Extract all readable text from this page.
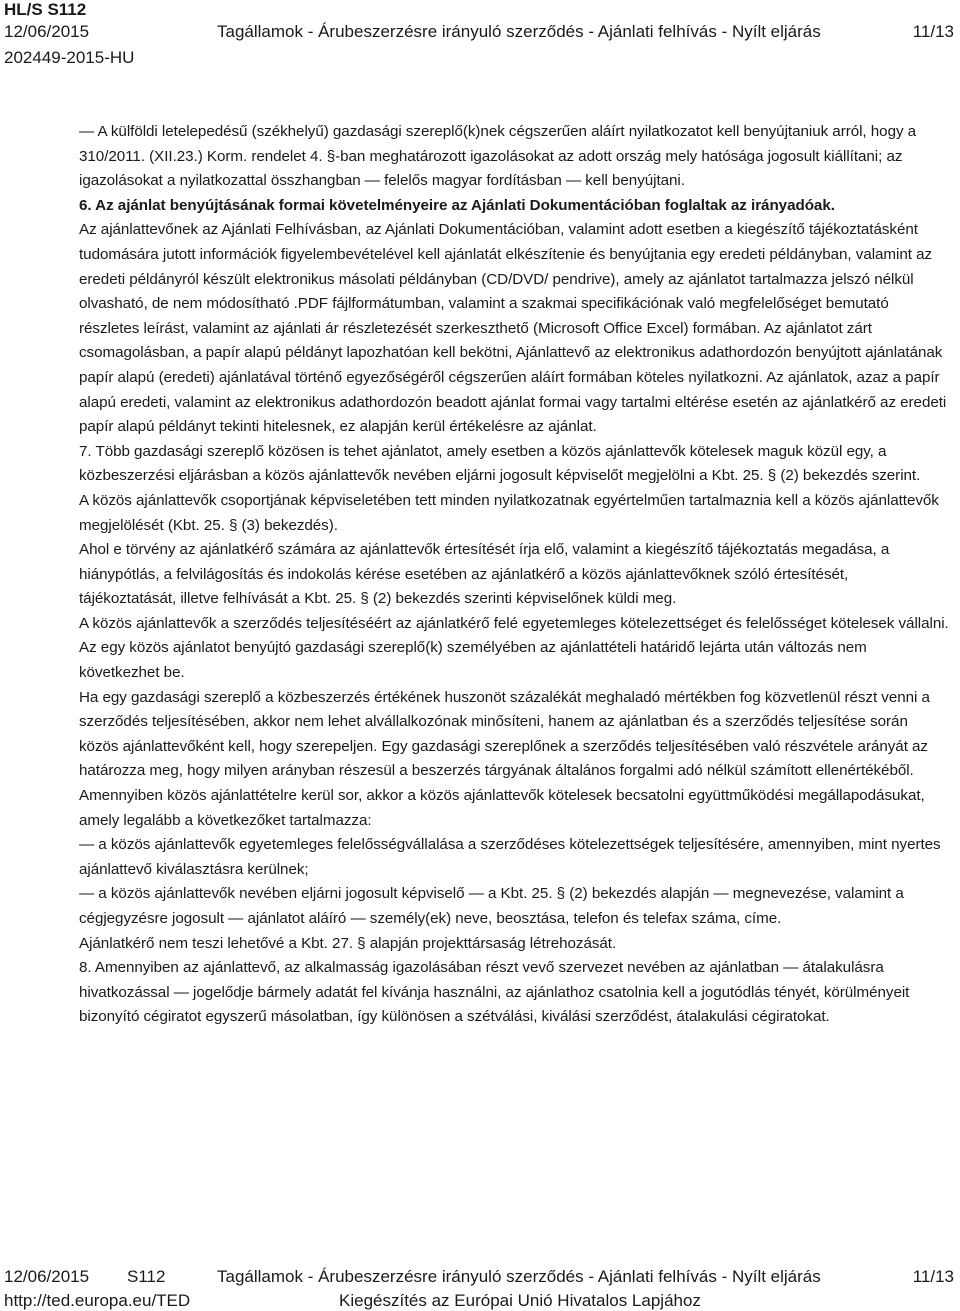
HL/S S112
12/06/2015	Tagállamok - Árubeszerzésre irányuló szerződés - Ajánlati felhívás - Nyílt eljárás	11/13
202449-2015-HU

— A külföldi letelepedésű (székhelyű) gazdasági szereplő(k)nek cégszerűen aláírt nyilatkozatot kell benyújtaniuk arról, hogy a 310/2011. (XII.23.) Korm. rendelet 4. §-ban meghatározott igazolásokat az adott ország mely hatósága jogosult kiállítani; az igazolásokat a nyilatkozattal összhangban — felelős magyar fordításban — kell benyújtani.

6. Az ajánlat benyújtásának formai követelményeire az Ajánlati Dokumentációban foglaltak az irányadóak.

Az ajánlattevőnek az Ajánlati Felhívásban, az Ajánlati Dokumentációban, valamint adott esetben a kiegészítő tájékoztatásként tudomására jutott információk figyelembevételével kell ajánlatát elkészítenie és benyújtania egy eredeti példányban, valamint az eredeti példányról készült elektronikus másolati példányban (CD/DVD/ pendrive), amely az ajánlatot tartalmazza jelszó nélkül olvasható, de nem módosítható .PDF fájlformátumban, valamint a szakmai specifikációnak való megfelelőséget bemutató részletes leírást, valamint az ajánlati ár részletezését szerkeszthető (Microsoft Office Excel) formában. Az ajánlatot zárt csomagolásban, a papír alapú példányt lapozhatóan kell bekötni, Ajánlattevő az elektronikus adathordozón benyújtott ajánlatának papír alapú (eredeti) ajánlatával történő egyezőségéről cégszerűen aláírt formában köteles nyilatkozni. Az ajánlatok, azaz a papír alapú eredeti, valamint az elektronikus adathordozón beadott ajánlat formai vagy tartalmi eltérése esetén az ajánlatkérő az eredeti papír alapú példányt tekinti hitelesnek, ez alapján kerül értékelésre az ajánlat.

7. Több gazdasági szereplő közösen is tehet ajánlatot, amely esetben a közös ajánlattevők kötelesek maguk közül egy, a közbeszerzési eljárásban a közös ajánlattevők nevében eljárni jogosult képviselőt megjelölni a Kbt. 25. § (2) bekezdés szerint.

A közös ajánlattevők csoportjának képviseletében tett minden nyilatkozatnak egyértelműen tartalmaznia kell a közös ajánlattevők megjelölését (Kbt. 25. § (3) bekezdés).

Ahol e törvény az ajánlatkérő számára az ajánlattevők értesítését írja elő, valamint a kiegészítő tájékoztatás megadása, a hiánypótlás, a felvilágosítás és indokolás kérése esetében az ajánlatkérő a közös ajánlattevőknek szóló értesítését, tájékoztatását, illetve felhívását a Kbt. 25. § (2) bekezdés szerinti képviselőnek küldi meg.

A közös ajánlattevők a szerződés teljesítéséért az ajánlatkérő felé egyetemleges kötelezettséget és felelősséget kötelesek vállalni.

Az egy közös ajánlatot benyújtó gazdasági szereplő(k) személyében az ajánlattételi határidő lejárta után változás nem következhet be.

Ha egy gazdasági szereplő a közbeszerzés értékének huszonöt százalékát meghaladó mértékben fog közvetlenül részt venni a szerződés teljesítésében, akkor nem lehet alvállalkozónak minősíteni, hanem az ajánlatban és a szerződés teljesítése során közös ajánlattevőként kell, hogy szerepeljen. Egy gazdasági szereplőnek a szerződés teljesítésében való részvétele arányát az határozza meg, hogy milyen arányban részesül a beszerzés tárgyának általános forgalmi adó nélkül számított ellenértékéből.

Amennyiben közös ajánlattételre kerül sor, akkor a közös ajánlattevők kötelesek becsatolni együttműködési megállapodásukat, amely legalább a következőket tartalmazza:

— a közös ajánlattevők egyetemleges felelősségvállalása a szerződéses kötelezettségek teljesítésére, amennyiben, mint nyertes ajánlattevő kiválasztásra kerülnek;

— a közös ajánlattevők nevében eljárni jogosult képviselő — a Kbt. 25. § (2) bekezdés alapján — megnevezése, valamint a cégjegyzésre jogosult — ajánlatot aláíró — személy(ek) neve, beosztása, telefon és telefax száma, címe.

Ajánlatkérő nem teszi lehetővé a Kbt. 27. § alapján projekttársaság létrehozását.

8. Amennyiben az ajánlattevő, az alkalmasság igazolásában részt vevő szervezet nevében az ajánlatban — átalakulásra hivatkozással — jogelődje bármely adatát fel kívánja használni, az ajánlathoz csatolnia kell a jogutódlás tényét, körülményeit bizonyító cégiratot egyszerű másolatban, így különösen a szétválási, kiválási szerződést, átalakulási cégiratokat.

12/06/2015 S112	Tagállamok - Árubeszerzésre irányuló szerződés - Ajánlati felhívás - Nyílt eljárás	11/13
http://ted.europa.eu/TED	Kiegészítés az Európai Unió Hivatalos Lapjához
